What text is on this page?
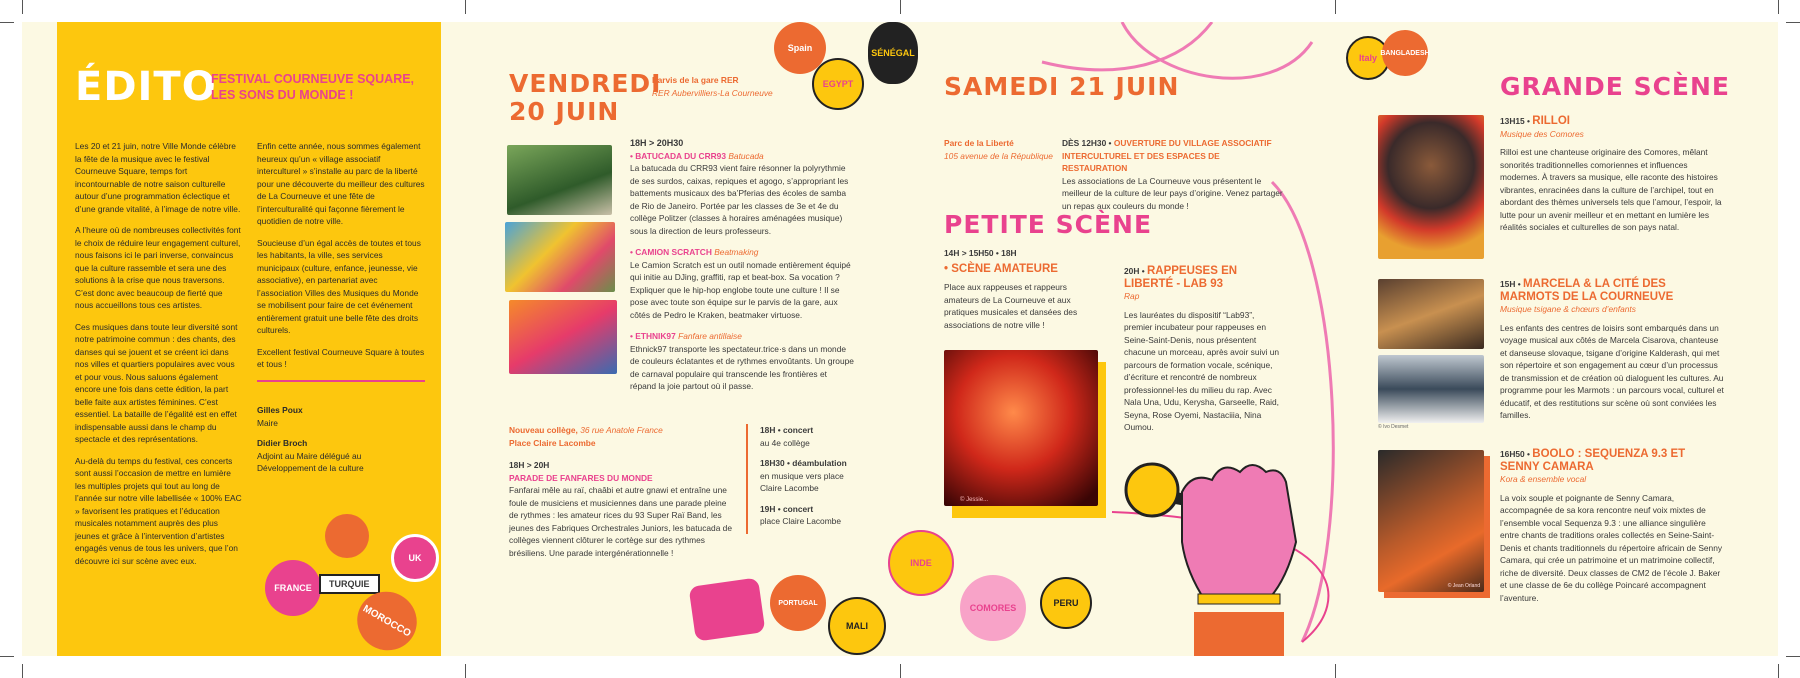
ÉDITO
FESTIVAL COURNEUVE SQUARE, LES SONS DU MONDE !

Les 20 et 21 juin, notre Ville Monde célèbre la fête de la musique avec le festival Courneuve Square, temps fort incontournable de notre saison culturelle autour d’une programmation éclectique et d’une grande vitalité, à l’image de notre ville.

A l’heure où de nombreuses collectivités font le choix de réduire leur engagement culturel, nous faisons ici le pari inverse, convaincus que la culture rassemble et sera une des solutions à la crise que nous traversons. C’est donc avec beaucoup de fierté que nous accueillons tous ces artistes.

Ces musiques dans toute leur diversité sont notre patrimoine commun : des chants, des danses qui se jouent et se créent ici dans nos villes et quartiers populaires avec vous et pour vous. Nous saluons également encore une fois dans cette édition, la part belle faite aux artistes féminines. C’est essentiel. La bataille de l’égalité est en effet indispensable aussi dans le champ du spectacle et des représentations.

Au-delà du temps du festival, ces concerts sont aussi l’occasion de mettre en lumière les multiples projets qui tout au long de l’année sur notre ville labellisée « 100% EAC » favorisent les pratiques et l’éducation musicales notamment auprès des plus jeunes et grâce à l’intervention d’artistes engagés venus de tous les univers, que l’on découvre ici sur scène avec eux.

Enfin cette année, nous sommes également heureux qu’un « village associatif interculturel » s’installe au parc de la liberté pour une découverte du meilleur des cultures de La Courneuve et une fête de l’interculturalité qui façonne fièrement le quotidien de notre ville.

Soucieuse d’un égal accès de toutes et tous les habitants, la ville, ses services municipaux (culture, enfance, jeunesse, vie associative), en partenariat avec l’association Villes des Musiques du Monde se mobilisent pour faire de cet événement entièrement gratuit une belle fête des droits culturels.

Excellent festival Courneuve Square à toutes et tous !

Gilles Poux
Maire
Didier Broch
Adjoint au Maire délégué au Développement de la culture
FRANCE	TURQUIE
MOROCCO
UK
VENDREDI
20 JUIN
Parvis de la gare RER
RER Aubervilliers-La Courneuve
18H > 20H30
• BATUCADA DU CRR93 Batucada

La batucada du CRR93 vient faire résonner la polyrythmie de ses surdos, caixas, repiques et agogo, s’appropriant les battements musicaux des ba’Pferias des écoles de samba de Rio de Janeiro. Portée par les classes de 3e et 4e du collège Politzer (classes à horaires aménagées musique) sous la direction de leurs professeurs.

• CAMION SCRATCH Beatmaking

Le Camion Scratch est un outil nomade entièrement équipé qui initie au DJing, graffiti, rap et beat-box. Sa vocation ? Expliquer que le hip-hop englobe toute une culture ! Il se pose avec toute son équipe sur le parvis de la gare, aux côtés de Pedro le Kraken, beatmaker virtuose.

• ETHNIK97 Fanfare antillaise

Ethnick97 transporte les spectateur.trice·s dans un monde de couleurs éclatantes et de rythmes envoûtants. Un groupe de carnaval populaire qui transcende les frontières et répand la joie partout où il passe.

Nouveau collège, 36 rue Anatole France
Place Claire Lacombe
18H > 20H
PARADE DE FANFARES DU MONDE

Fanfarai mêle au raï, chaâbi et autre gnawi et entraîne une foule de musiciens et musiciennes dans une parade pleine de rythmes : les amateur rices du 93 Super Raï Band, les jeunes des Fabriques Orchestrales Juniors, les batucada de collèges viennent clôturer le cortège sur des rythmes brésiliens. Une parade intergénérationnelle !

18H • concert
au 4e collège
18H30 • déambulation
en musique vers place Claire Lacombe
19H • concert
place Claire Lacombe
Spain
EGYPT
SÉNÉGAL	Italy BANGLADESH
PORTUGAL
MALI
INDE
COMORES	PERU
SAMEDI 21 JUIN
Parc de la Liberté
105 avenue de la République
DÈS 12H30 • OUVERTURE DU VILLAGE ASSOCIATIF INTERCULTUREL ET DES ESPACES DE RESTAURATION

Les associations de La Courneuve vous présentent le meilleur de la culture de leur pays d’origine. Venez partager un repas aux couleurs du monde !

PETITE SCÈNE
14H > 15H50 • 18H
• SCÈNE AMATEURE

Place aux rappeuses et rappeurs amateurs de La Courneuve et aux pratiques musicales et dansées des associations de notre ville !

© Jessie...
20H • RAPPEUSES EN LIBERTÉ - LAB 93
Rap

Les lauréates du dispositif “Lab93”, premier incubateur pour rappeuses en Seine-Saint-Denis, nous présentent chacune un morceau, après avoir suivi un parcours de formation vocale, scénique, d’écriture et rencontré de nombreux professionnel·les du milieu du rap. Avec Nala Una, Udu, Kerysha, Garseelle, Raid, Seyna, Rose Oyemi, Nastaciiia, Nina Oumou.

GRANDE SCÈNE
© Ivo Desmet
© Jean Orland
13H15 • RILLOI
Musique des Comores

Rilloi est une chanteuse originaire des Comores, mêlant sonorités traditionnelles comoriennes et influences modernes. À travers sa musique, elle raconte des histoires vibrantes, enracinées dans la culture de l’archipel, tout en abordant des thèmes universels tels que l’amour, l’espoir, la lutte pour un avenir meilleur et en mettant en lumière les réalités sociales et culturelles de son pays natal.

15H • MARCELA & LA CITÉ DES MARMOTS DE LA COURNEUVE
Musique tsigane & chœurs d’enfants

Les enfants des centres de loisirs sont embarqués dans un voyage musical aux côtés de Marcela Cisarova, chanteuse et danseuse slovaque, tsigane d’origine Kalderash, qui met son répertoire et son engagement au cœur d’un processus de transmission et de création où dialoguent les cultures. Au programme pour les Marmots : un parcours vocal, culturel et éducatif, et des restitutions sur scène où sont conviées les familles.

16H50 • BOOLO : SEQUENZA 9.3 ET SENNY CAMARA
Kora & ensemble vocal

La voix souple et poignante de Senny Camara, accompagnée de sa kora rencontre neuf voix mixtes de l’ensemble vocal Sequenza 9.3 : une alliance singulière entre chants de traditions orales collectés en Seine-Saint-Denis et chants traditionnels du répertoire africain de Senny Camara, qui crée un patrimoine et un matrimoine collectif, riche de diversité. Deux classes de CM2 de l’école J. Baker et une classe de 6e du collège Poincaré accompagnent l’aventure.
